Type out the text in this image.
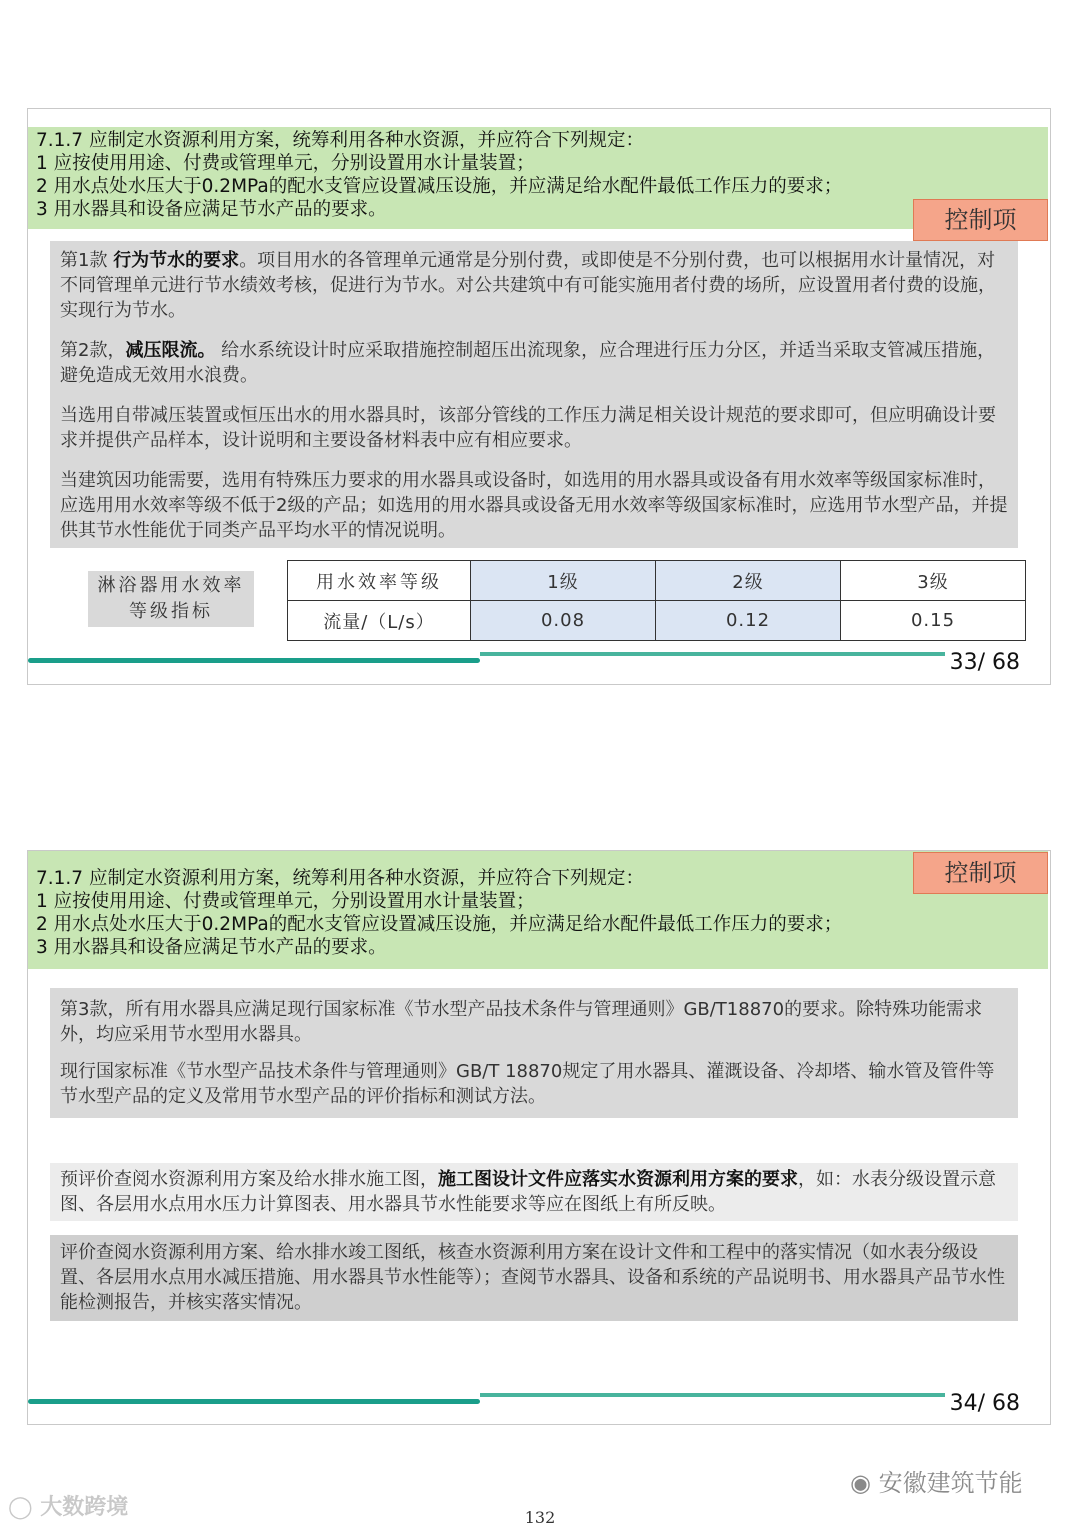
7.1.7 应制定水资源利用方案，统筹利用各种水资源，并应符合下列规定：
1 应按使用用途、付费或管理单元，分别设置用水计量装置；
2 用水点处水压大于0.2MPa的配水支管应设置减压设施，并应满足给水配件最低工作压力的要求；
3 用水器具和设备应满足节水产品的要求。	控制项

第1款 行为节水的要求。项目用水的各管理单元通常是分别付费，或即使是不分别付费，也可以根据用水计量情况，对不同管理单元进行节水绩效考核，促进行为节水。对公共建筑中有可能实施用者付费的场所，应设置用者付费的设施，实现行为节水。

第2款，减压限流。 给水系统设计时应采取措施控制超压出流现象，应合理进行压力分区，并适当采取支管减压措施，避免造成无效用水浪费。

当选用自带减压装置或恒压出水的用水器具时，该部分管线的工作压力满足相关设计规范的要求即可，但应明确设计要求并提供产品样本，设计说明和主要设备材料表中应有相应要求。

当建筑因功能需要，选用有特殊压力要求的用水器具或设备时，如选用的用水器具或设备有用水效率等级国家标准时，应选用用水效率等级不低于2级的产品；如选用的用水器具或设备无用水效率等级国家标准时，应选用节水型产品，并提供其节水性能优于同类产品平均水平的情况说明。

淋浴器用水效率
等级指标
用水效率等级	1级	2级	3级
流量/（L/s）	0.08	0.12	0.15
33/ 68
7.1.7 应制定水资源利用方案，统筹利用各种水资源，并应符合下列规定：
1 应按使用用途、付费或管理单元，分别设置用水计量装置；
2 用水点处水压大于0.2MPa的配水支管应设置减压设施，并应满足给水配件最低工作压力的要求；
3 用水器具和设备应满足节水产品的要求。
控制项

第3款，所有用水器具应满足现行国家标准《节水型产品技术条件与管理通则》GB/T18870的要求。除特殊功能需求外，均应采用节水型用水器具。

现行国家标准《节水型产品技术条件与管理通则》GB/T 18870规定了用水器具、灌溉设备、冷却塔、输水管及管件等节水型产品的定义及常用节水型产品的评价指标和测试方法。

预评价查阅水资源利用方案及给水排水施工图，施工图设计文件应落实水资源利用方案的要求，如：水表分级设置示意图、各层用水点用水压力计算图表、用水器具节水性能要求等应在图纸上有所反映。

评价查阅水资源利用方案、给水排水竣工图纸，核查水资源利用方案在设计文件和工程中的落实情况（如水表分级设置、各层用水点用水减压措施、用水器具节水性能等）；查阅节水器具、设备和系统的产品说明书、用水器具产品节水性能检测报告，并核实落实情况。

34/ 68
◉ 安徽建筑节能
◯ 大数跨境	132
